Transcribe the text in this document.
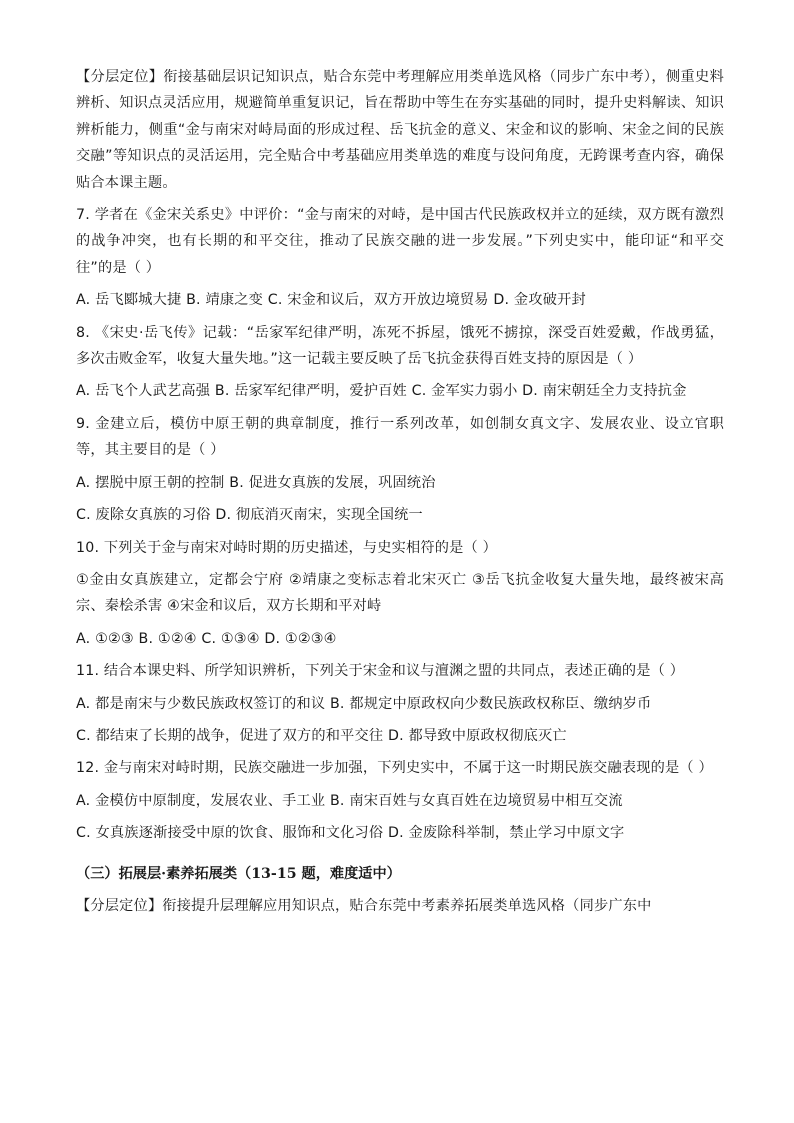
【分层定位】衔接基础层识记知识点，贴合东莞中考理解应用类单选风格（同步广东中考），侧重史料辨析、知识点灵活应用，规避简单重复识记，旨在帮助中等生在夯实基础的同时，提升史料解读、知识辨析能力，侧重“金与南宋对峙局面的形成过程、岳飞抗金的意义、宋金和议的影响、宋金之间的民族交融”等知识点的灵活运用，完全贴合中考基础应用类单选的难度与设问角度，无跨课考查内容，确保贴合本课主题。

7. 学者在《金宋关系史》中评价：“金与南宋的对峙，是中国古代民族政权并立的延续，双方既有激烈的战争冲突，也有长期的和平交往，推动了民族交融的进一步发展。”下列史实中，能印证“和平交往”的是（ ）

A. 岳飞郾城大捷 B. 靖康之变 C. 宋金和议后，双方开放边境贸易 D. 金攻破开封

8. 《宋史·岳飞传》记载：“岳家军纪律严明，冻死不拆屋，饿死不掳掠，深受百姓爱戴，作战勇猛，多次击败金军，收复大量失地。”这一记载主要反映了岳飞抗金获得百姓支持的原因是（ ）

A. 岳飞个人武艺高强 B. 岳家军纪律严明，爱护百姓 C. 金军实力弱小 D. 南宋朝廷全力支持抗金

9. 金建立后，模仿中原王朝的典章制度，推行一系列改革，如创制女真文字、发展农业、设立官职等，其主要目的是（ ）

A. 摆脱中原王朝的控制 B. 促进女真族的发展，巩固统治

C. 废除女真族的习俗 D. 彻底消灭南宋，实现全国统一

10. 下列关于金与南宋对峙时期的历史描述，与史实相符的是（ ）

①金由女真族建立，定都会宁府 ②靖康之变标志着北宋灭亡 ③岳飞抗金收复大量失地，最终被宋高宗、秦桧杀害 ④宋金和议后，双方长期和平对峙

A. ①②③ B. ①②④ C. ①③④ D. ①②③④

11. 结合本课史料、所学知识辨析，下列关于宋金和议与澶渊之盟的共同点，表述正确的是（ ）

A. 都是南宋与少数民族政权签订的和议 B. 都规定中原政权向少数民族政权称臣、缴纳岁币

C. 都结束了长期的战争，促进了双方的和平交往 D. 都导致中原政权彻底灭亡

12. 金与南宋对峙时期，民族交融进一步加强，下列史实中，不属于这一时期民族交融表现的是（ ）

A. 金模仿中原制度，发展农业、手工业 B. 南宋百姓与女真百姓在边境贸易中相互交流

C. 女真族逐渐接受中原的饮食、服饰和文化习俗 D. 金废除科举制，禁止学习中原文字

（三）拓展层·素养拓展类（13-15 题，难度适中）

【分层定位】衔接提升层理解应用知识点，贴合东莞中考素养拓展类单选风格（同步广东中
